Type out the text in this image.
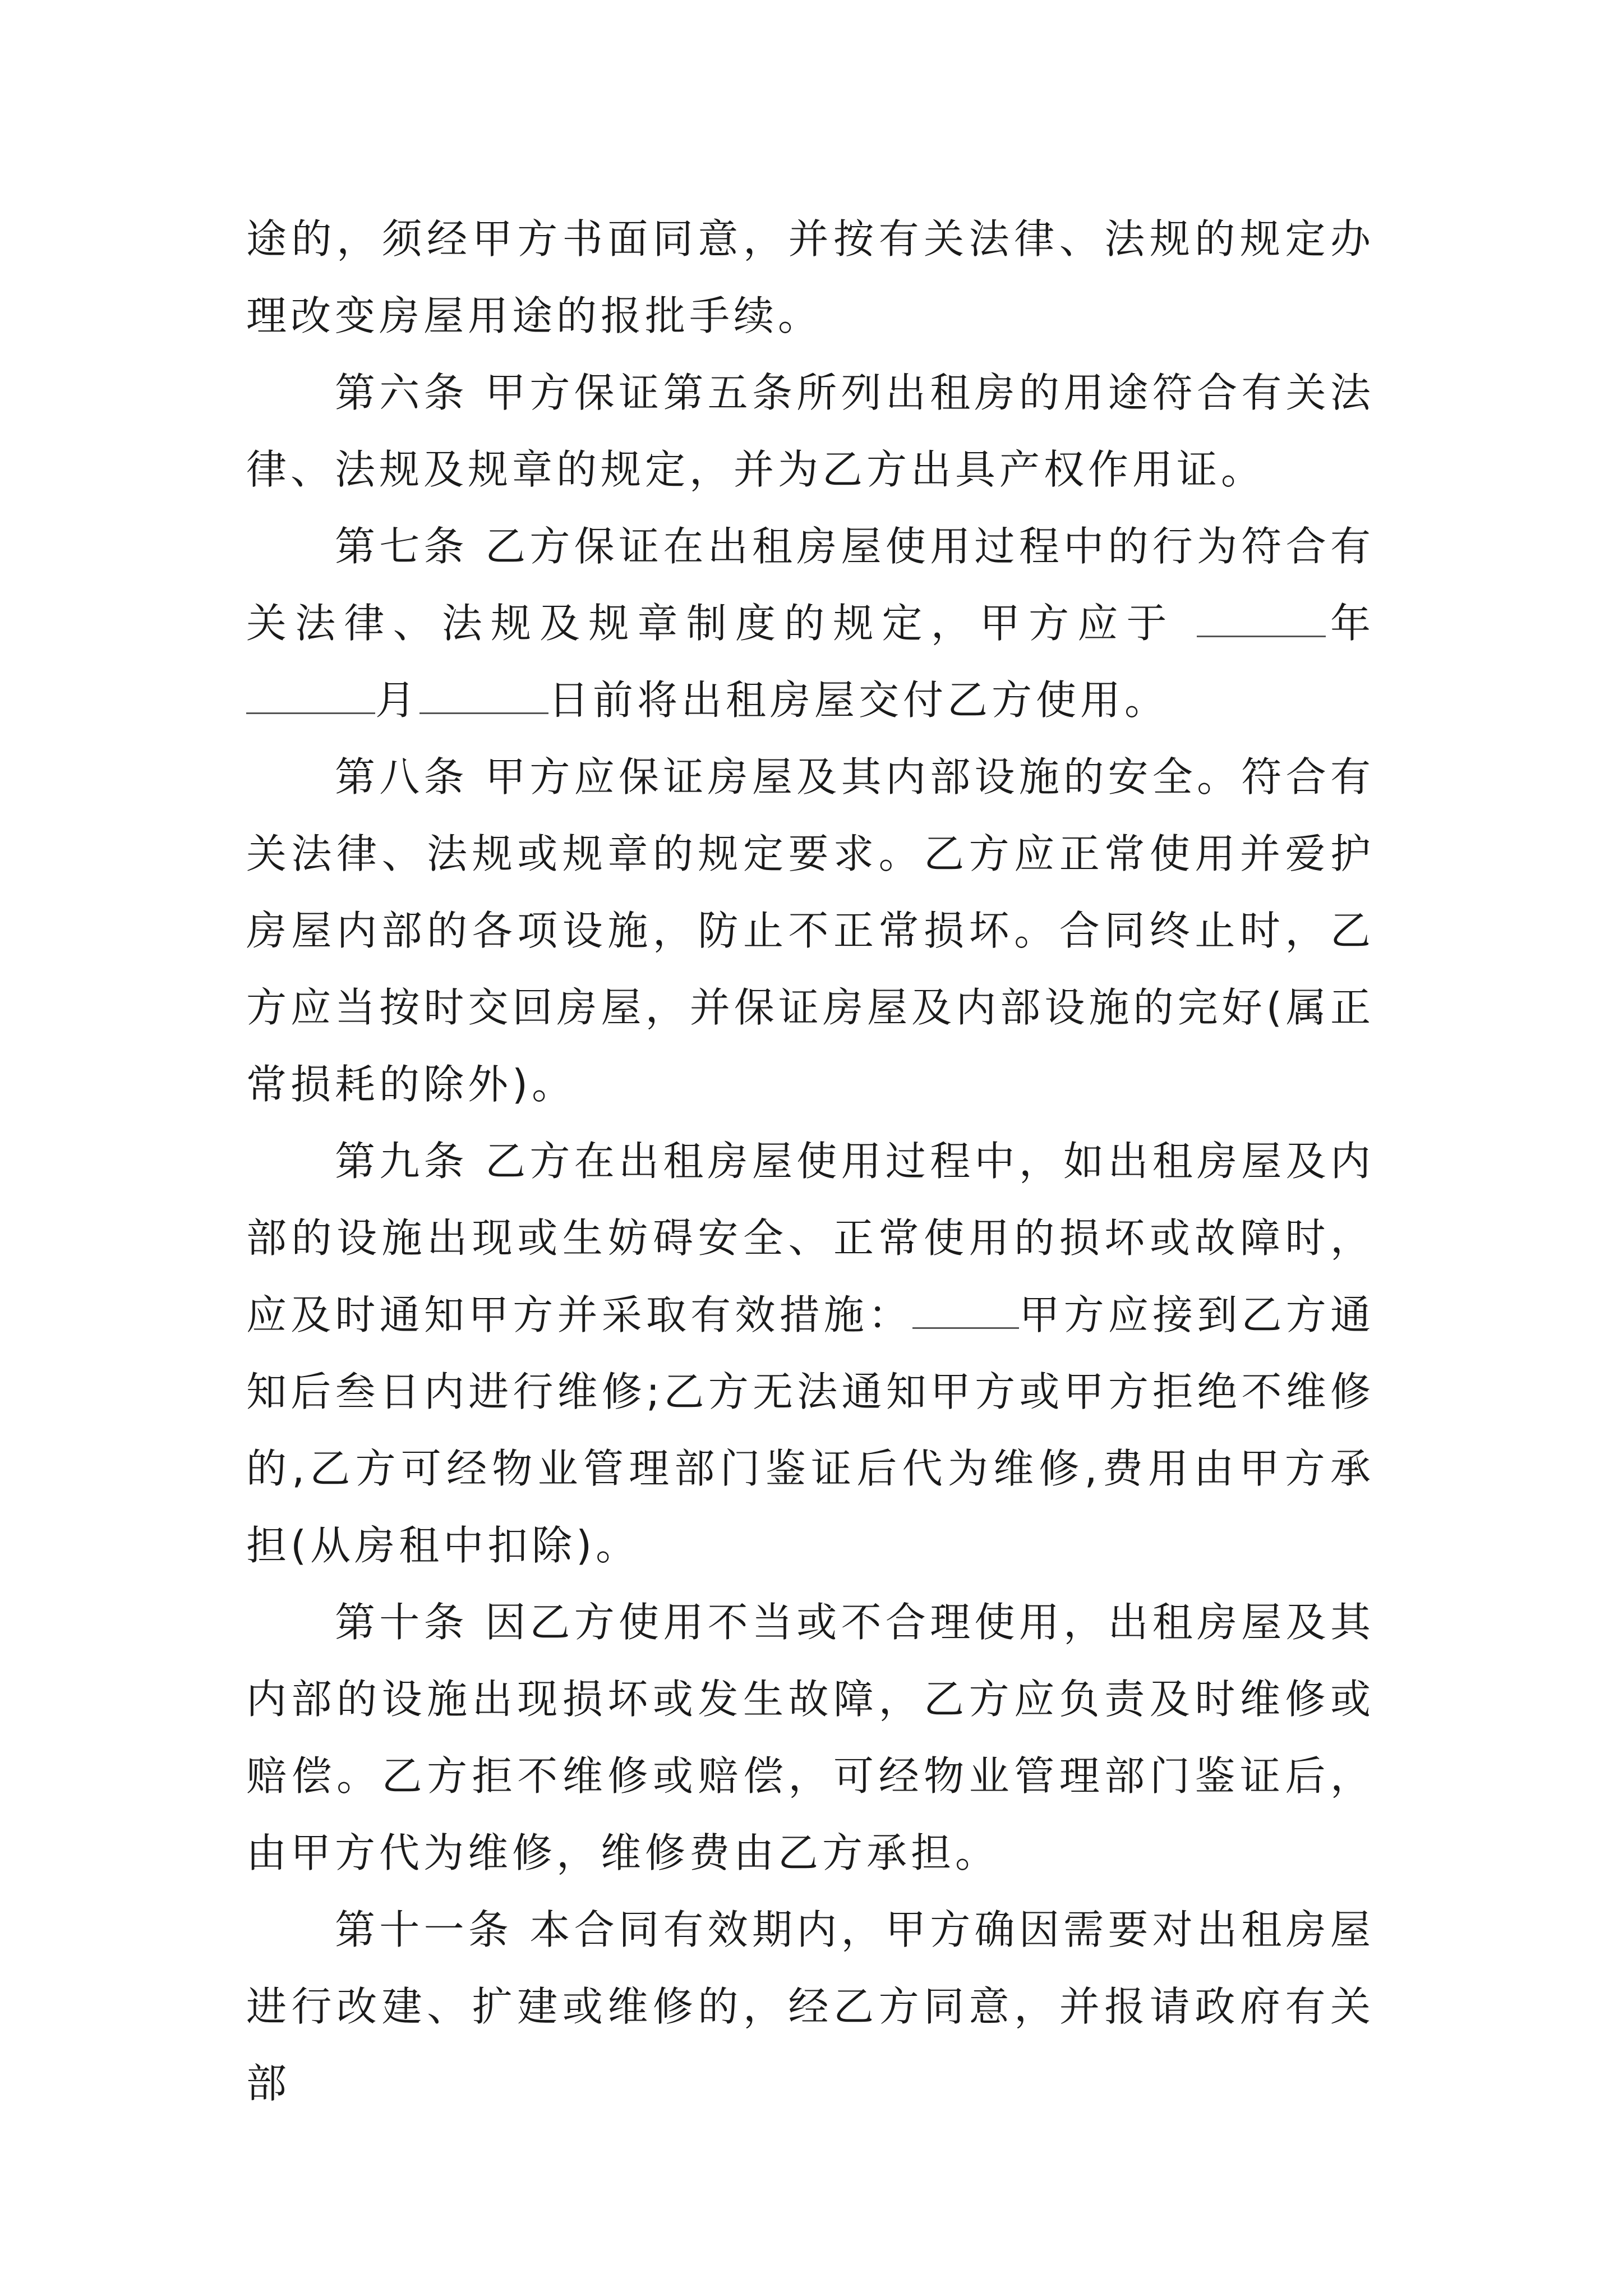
途的，须经甲方书面同意，并按有关法律、法规的规定办理改变房屋用途的报批手续。

第六条 甲方保证第五条所列出租房的用途符合有关法律、法规及规章的规定，并为乙方出具产权作用证。

第七条 乙方保证在出租房屋使用过程中的行为符合有关法律、法规及规章制度的规定，甲方应于	年月	日前将出租房屋交付乙方使用。

第八条 甲方应保证房屋及其内部设施的安全。符合有关法律、法规或规章的规定要求。乙方应正常使用并爱护房屋内部的各项设施，防止不正常损坏。合同终止时，乙方应当按时交回房屋，并保证房屋及内部设施的完好(属正常损耗的除外)。

第九条 乙方在出租房屋使用过程中，如出租房屋及内部的设施出现或生妨碍安全、正常使用的损坏或故障时，应及时通知甲方并采取有效措施：	甲方应接到乙方通知后叁日内进行维修;乙方无法通知甲方或甲方拒绝不维修的,乙方可经物业管理部门鉴证后代为维修,费用由甲方承担(从房租中扣除)。

第十条 因乙方使用不当或不合理使用，出租房屋及其内部的设施出现损坏或发生故障，乙方应负责及时维修或赔偿。乙方拒不维修或赔偿，可经物业管理部门鉴证后，由甲方代为维修，维修费由乙方承担。

第十一条 本合同有效期内，甲方确因需要对出租房屋进行改建、扩建或维修的，经乙方同意，并报请政府有关部
